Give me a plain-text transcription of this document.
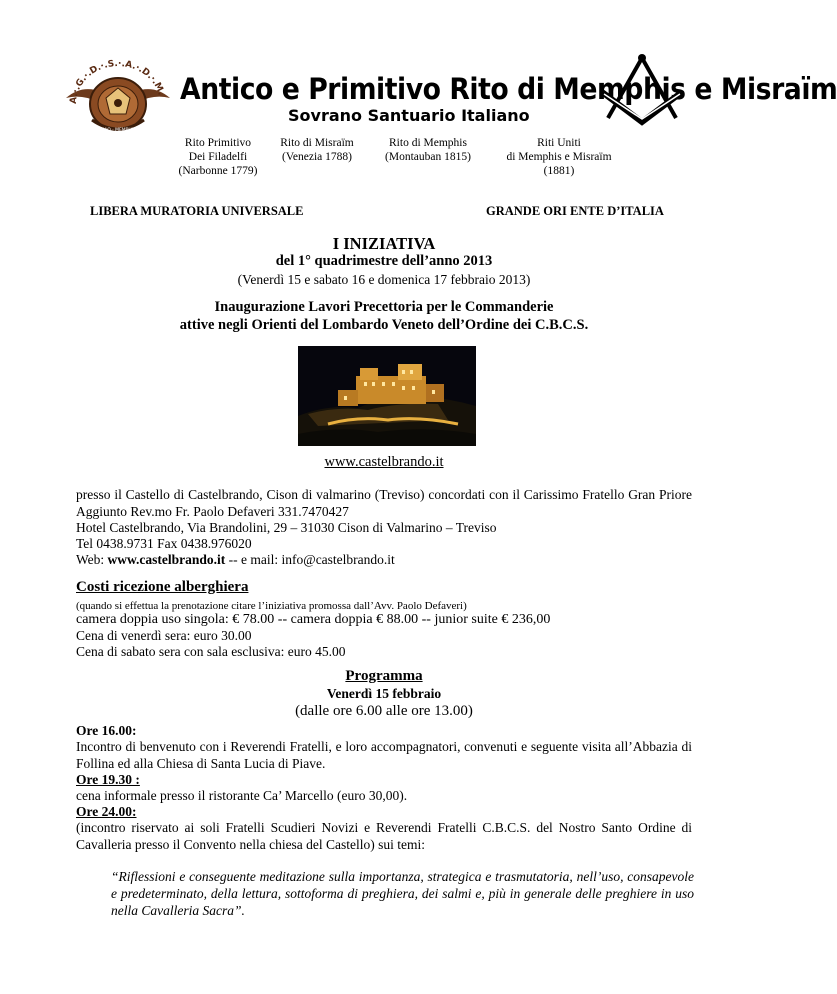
A.·.G.·.D.·.S.·.A.·.D.·.M.
ORDO AB CHAO · MEMPHIS E MISRAIM
Antico e Primitivo Rito di Memphis e Misraïm
Sovrano Santuario Italiano
Rito Primitivo
Dei Filadelfi
(Narbonne 1779)
Rito di Misraïm
(Venezia 1788)
Rito di Memphis
(Montauban 1815)
Riti Uniti
di Memphis e Misraïm
(1881)
LIBERA MURATORIA UNIVERSALE	GRANDE ORI ENTE D’ITALIA
I INIZIATIVA
del 1° quadrimestre dell’anno 2013
(Venerdì 15 e sabato 16 e domenica 17 febbraio 2013)
Inaugurazione Lavori Precettoria per le Commanderie
attive negli Orienti del Lombardo Veneto dell’Ordine dei C.B.C.S.
www.castelbrando.it
presso il Castello di Castelbrando, Cison di valmarino (Treviso) concordati con il Carissimo Fratello Gran Priore Aggiunto Rev.mo Fr. Paolo Defaveri 331.7470427
Hotel Castelbrando, Via Brandolini, 29 – 31030 Cison di Valmarino – Treviso
Tel 0438.9731 Fax 0438.976020
Web: www.castelbrando.it -- e mail: info@castelbrando.it
Costi ricezione alberghiera
(quando si effettua la prenotazione citare l’iniziativa promossa dall’Avv. Paolo Defaveri)
camera doppia uso singola: € 78.00 -- camera doppia € 88.00 -- junior suite € 236,00
Cena di venerdì sera: euro 30.00
Cena di sabato sera con sala esclusiva: euro 45.00
Programma
Venerdì 15 febbraio
(dalle ore 6.00 alle ore 13.00)
Ore 16.00:
Incontro di benvenuto con i Reverendi Fratelli, e loro accompagnatori, convenuti e seguente visita all’Abbazia di Follina ed alla Chiesa di Santa Lucia di Piave.
Ore 19.30 :
cena informale presso il ristorante Ca’ Marcello (euro 30,00).
Ore 24.00:
(incontro riservato ai soli Fratelli Scudieri Novizi e Reverendi Fratelli C.B.C.S. del Nostro Santo Ordine di Cavalleria presso il Convento nella chiesa del Castello) sui temi:
“Riflessioni e conseguente meditazione sulla importanza, strategica e trasmutatoria, nell’uso, consapevole e predeterminato, della lettura, sottoforma di preghiera, dei salmi e, più in generale delle preghiere in uso nella Cavalleria Sacra”.
